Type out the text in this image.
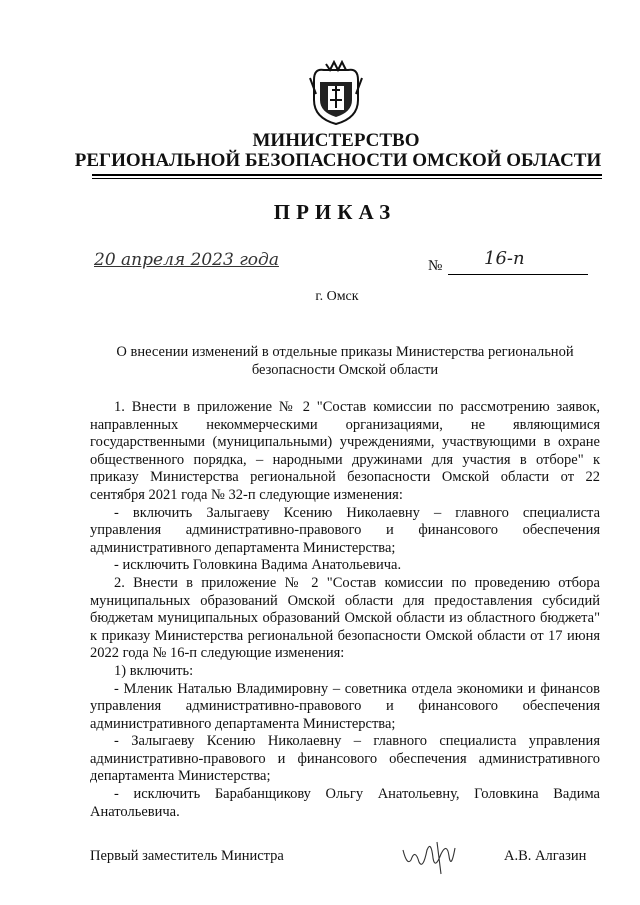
МИНИСТЕРСТВО
РЕГИОНАЛЬНОЙ БЕЗОПАСНОСТИ ОМСКОЙ ОБЛАСТИ
ПРИКАЗ
20 апреля 2023 года	№ 16-п
г. Омск
О внесении изменений в отдельные приказы Министерства региональной безопасности Омской области

1. Внести в приложение № 2 "Состав комиссии по рассмотрению заявок, направленных некоммерческими организациями, не являющимися государственными (муниципальными) учреждениями, участвующими в охране общественного порядка, – народными дружинами для участия в отборе" к приказу Министерства региональной безопасности Омской области от 22 сентября 2021 года № 32-п следующие изменения:

- включить Залыгаеву Ксению Николаевну – главного специалиста управления административно-правового и финансового обеспечения административного департамента Министерства;

- исключить Головкина Вадима Анатольевича.

2. Внести в приложение № 2 "Состав комиссии по проведению отбора муниципальных образований Омской области для предоставления субсидий бюджетам муниципальных образований Омской области из областного бюджета" к приказу Министерства региональной безопасности Омской области от 17 июня 2022 года № 16-п следующие изменения:

1) включить:

- Мленик Наталью Владимировну – советника отдела экономики и финансов управления административно-правового и финансового обеспечения административного департамента Министерства;

- Залыгаеву Ксению Николаевну – главного специалиста управления административно-правового и финансового обеспечения административного департамента Министерства;

- исключить Барабанщикову Ольгу Анатольевну, Головкина Вадима Анатольевича.

Первый заместитель Министра	А.В. Алгазин
